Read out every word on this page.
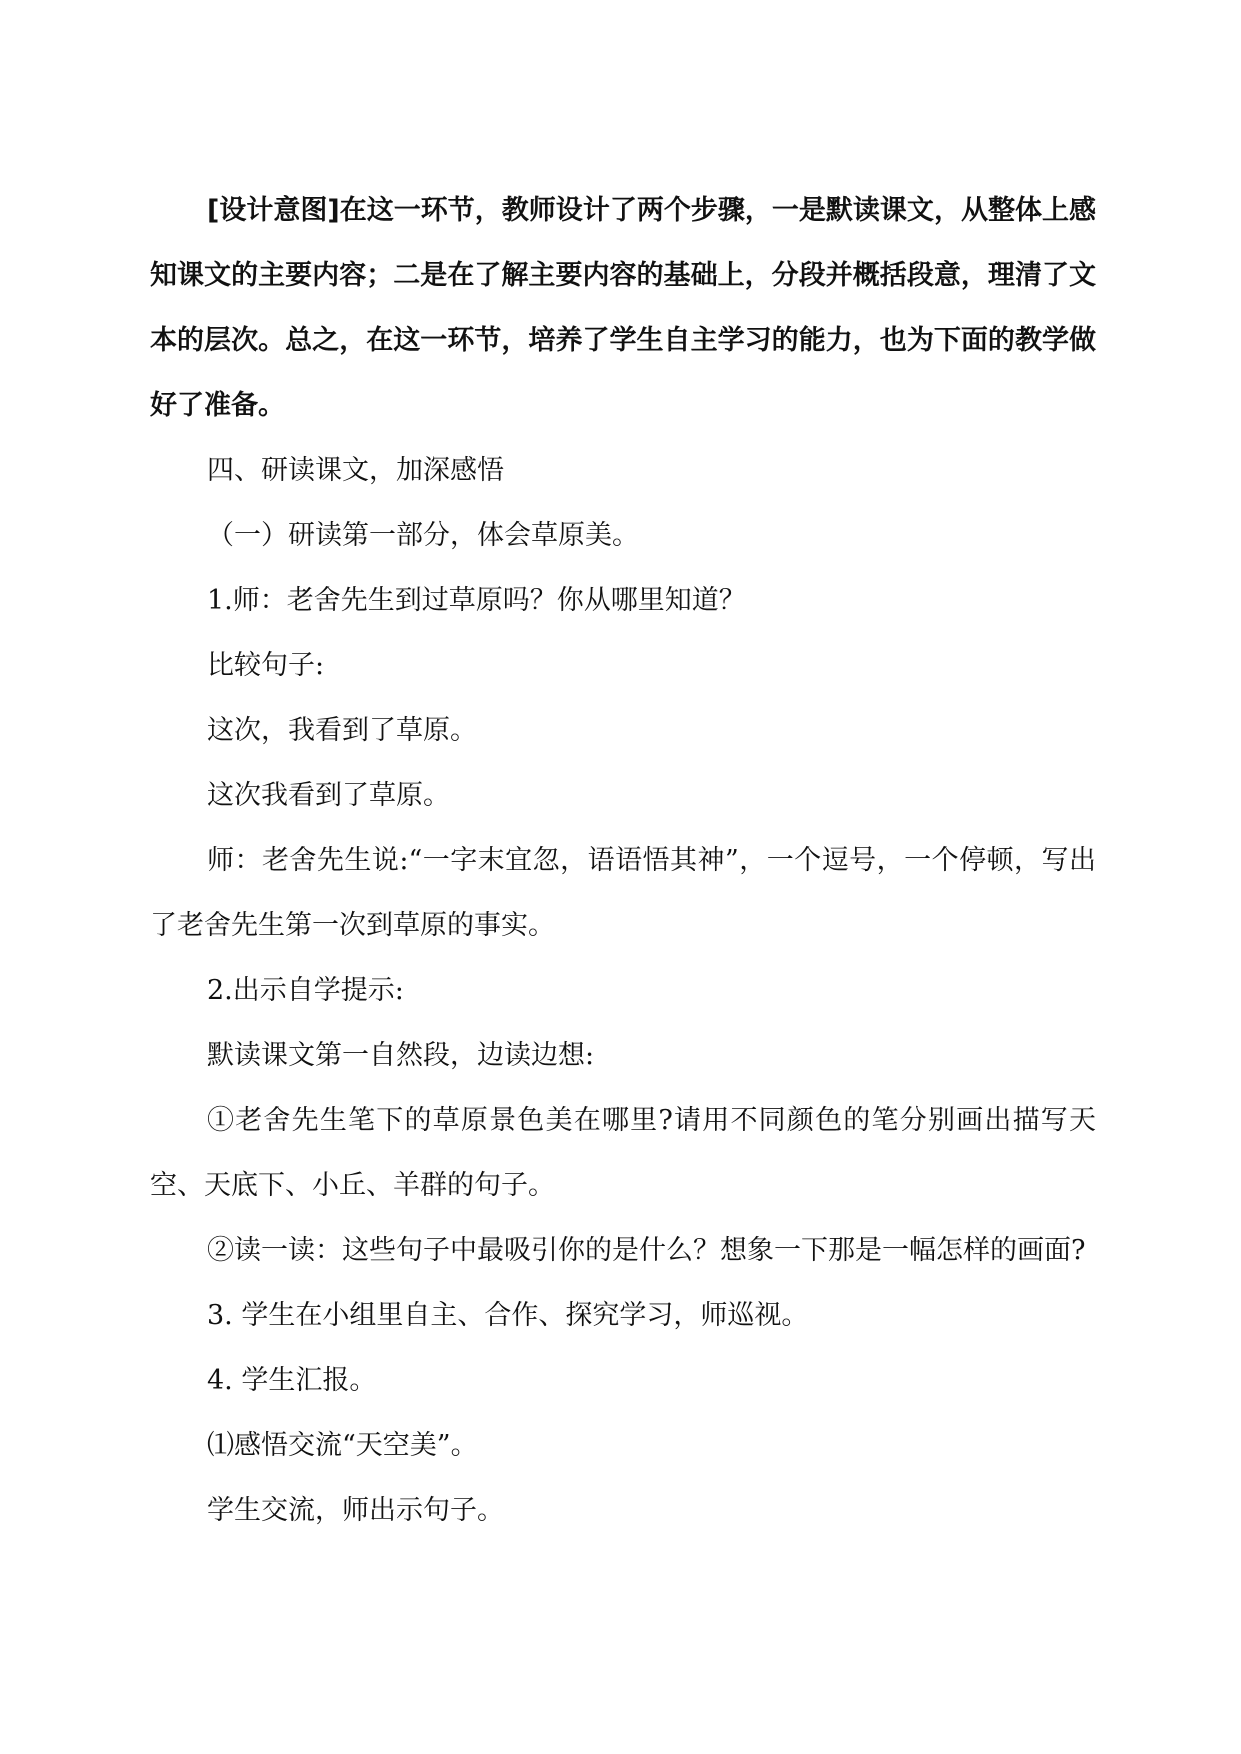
[设计意图]在这一环节，教师设计了两个步骤，一是默读课文，从整体上感知课文的主要内容；二是在了解主要内容的基础上，分段并概括段意，理清了文本的层次。总之，在这一环节，培养了学生自主学习的能力，也为下面的教学做好了准备。

四、研读课文，加深感悟

（一）研读第一部分，体会草原美。

1.师：老舍先生到过草原吗？你从哪里知道？

比较句子:

这次，我看到了草原。

这次我看到了草原。

师：老舍先生说:“一字末宜忽，语语悟其神”，一个逗号，一个停顿，写出了老舍先生第一次到草原的事实。

2.出示自学提示:

默读课文第一自然段，边读边想:

①老舍先生笔下的草原景色美在哪里?请用不同颜色的笔分别画出描写天空、天底下、小丘、羊群的句子。

②读一读：这些句子中最吸引你的是什么？想象一下那是一幅怎样的画面?

3. 学生在小组里自主、合作、探究学习，师巡视。

4. 学生汇报。

⑴感悟交流“天空美”。

学生交流，师出示句子。
